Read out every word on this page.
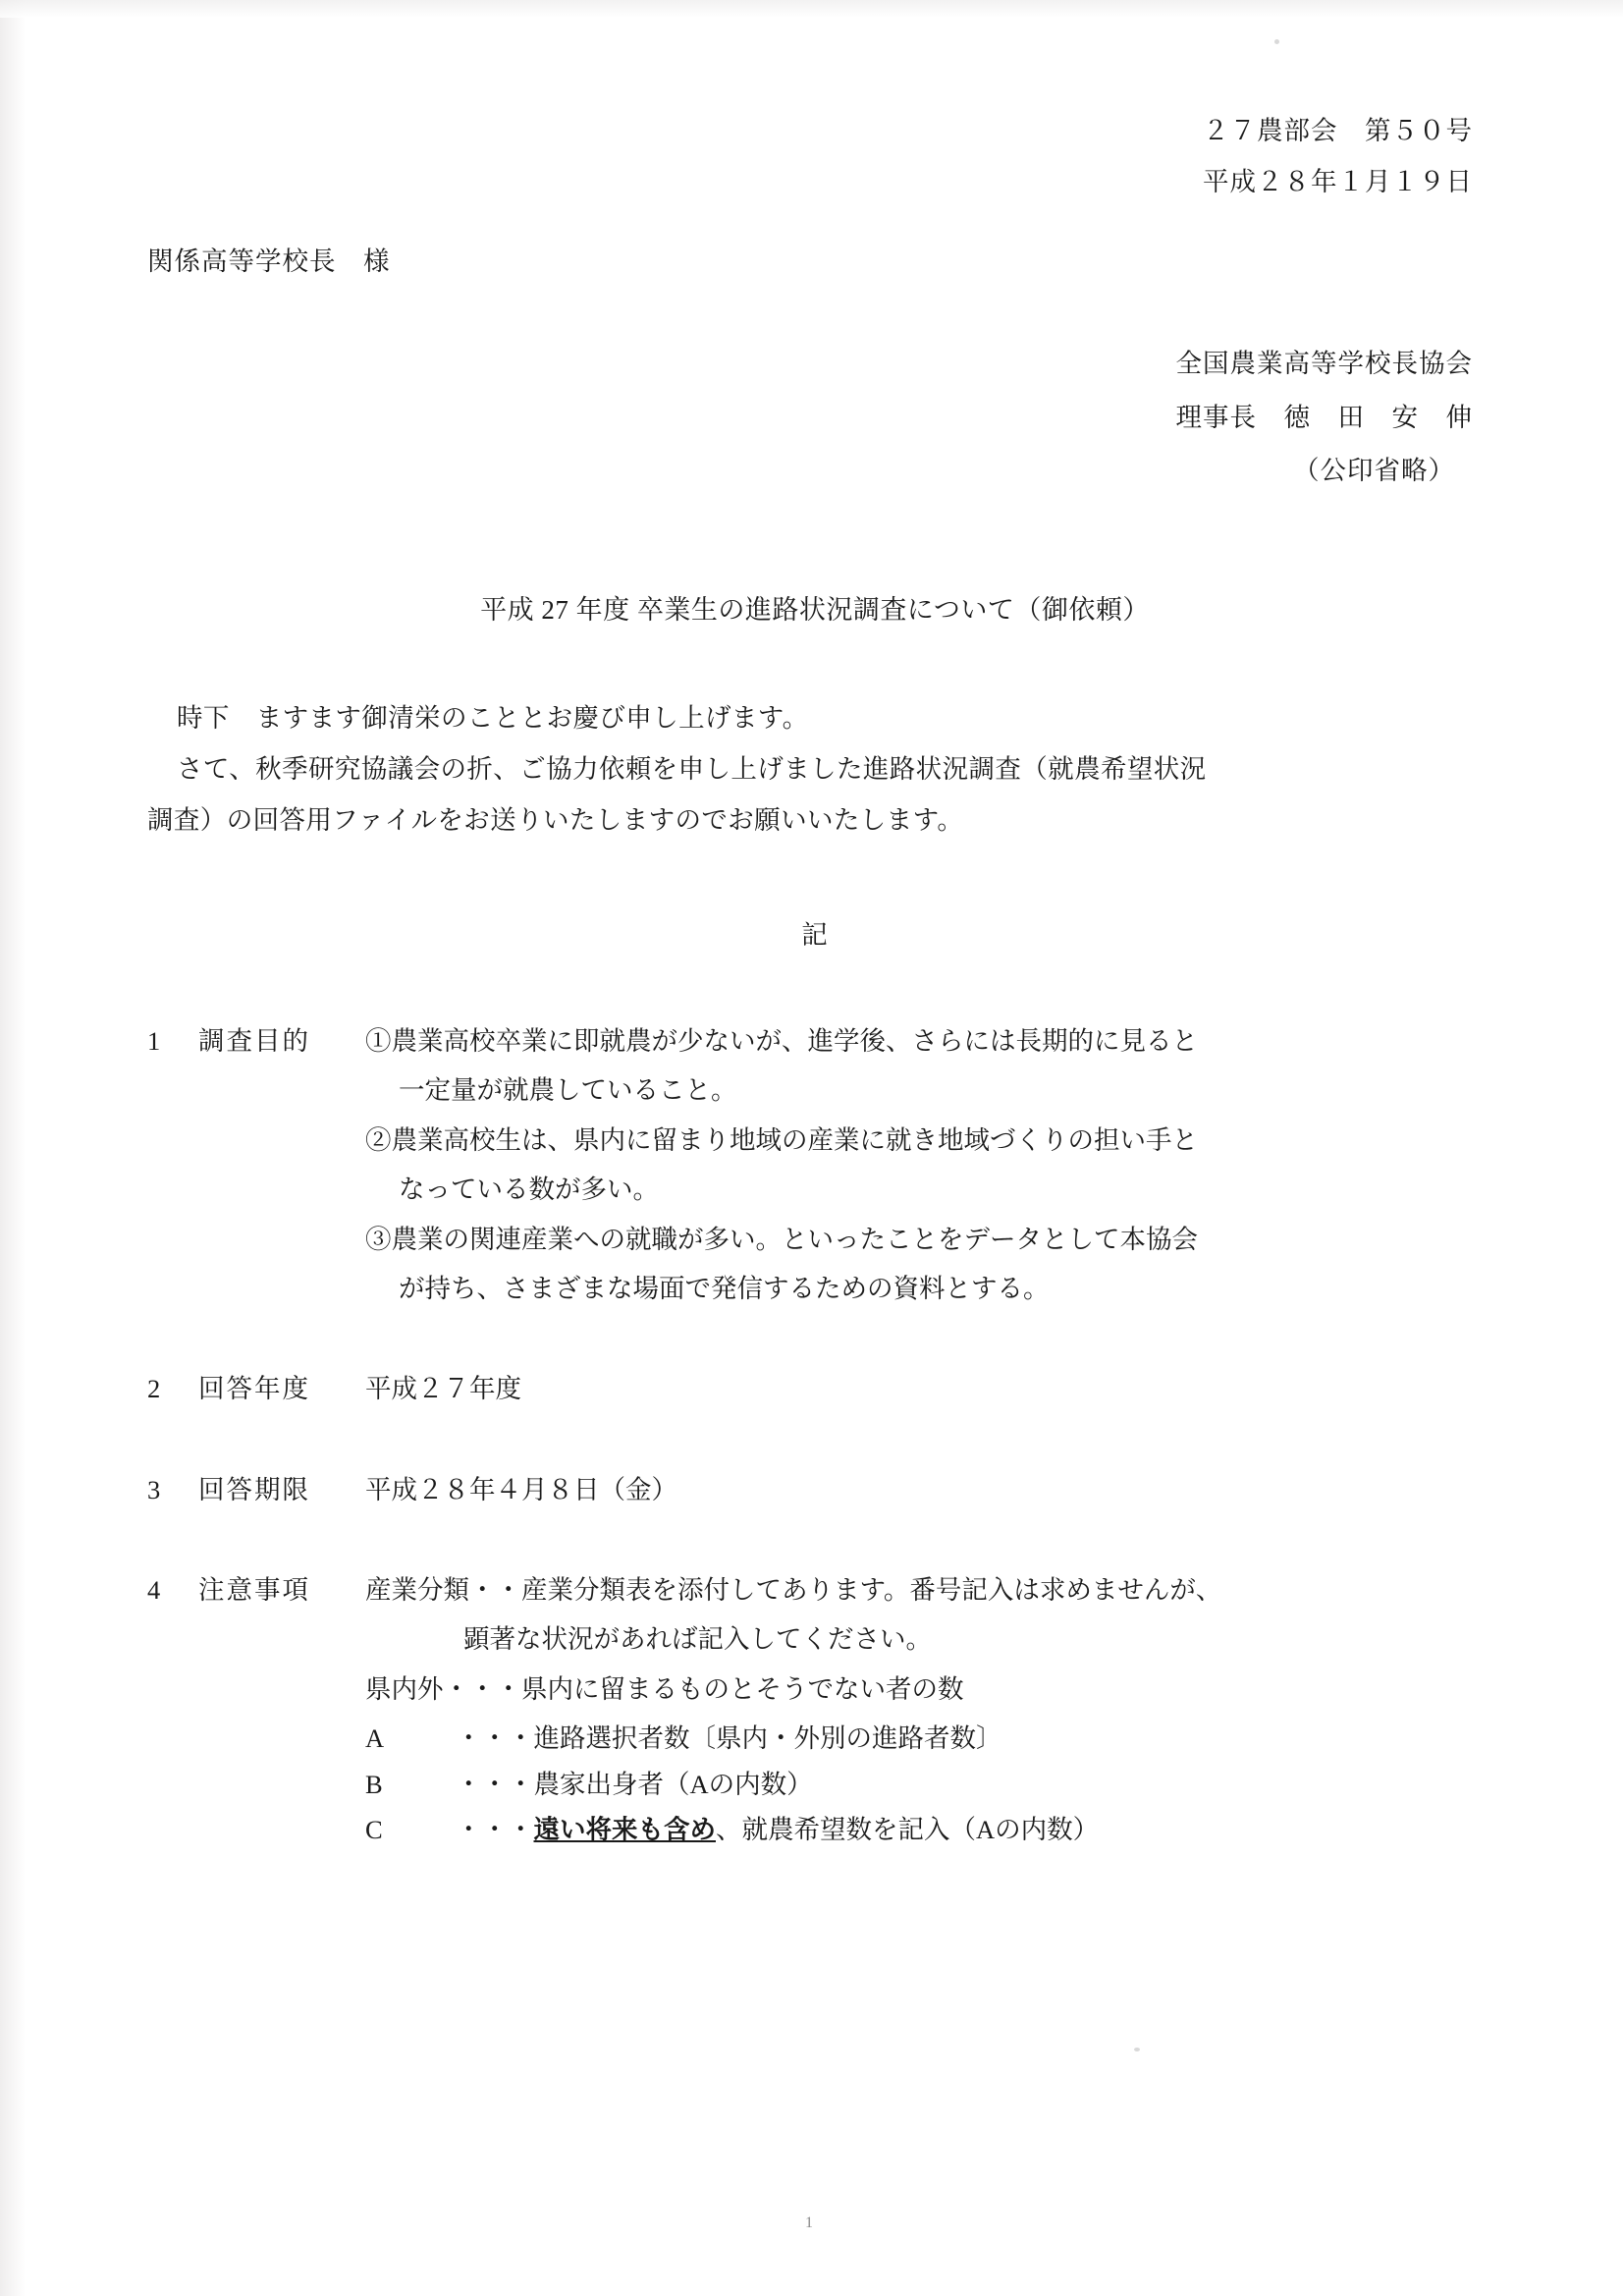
２７農部会　第５０号
平成２８年１月１９日
関係高等学校長　様
全国農業高等学校長協会
理事長　徳　田　安　伸
（公印省略）
平成 27 年度 卒業生の進路状況調査について（御依頼）

時下　ますます御清栄のこととお慶び申し上げます。

さて、秋季研究協議会の折、ご協力依頼を申し上げました進路状況調査（就農希望状況

調査）の回答用ファイルをお送りいたしますのでお願いいたします。

記
1	調査目的	①農業高校卒業に即就農が少ないが、進学後、さらには長期的に見ると

一定量が就農していること。

②農業高校生は、県内に留まり地域の産業に就き地域づくりの担い手と

なっている数が多い。

③農業の関連産業への就職が多い。といったことをデータとして本協会

が持ち、さまざまな場面で発信するための資料とする。

2	回答年度	平成２７年度

3	回答期限	平成２８年４月８日（金）

4	注意事項	産業分類・・産業分類表を添付してあります。番号記入は求めませんが、

顕著な状況があれば記入してください。

県内外・・・県内に留まるものとそうでない者の数

A	・・・進路選択者数〔県内・外別の進路者数〕
B	・・・農家出身者（Aの内数）
C	・・・遠い将来も含め、就農希望数を記入（Aの内数）
1
